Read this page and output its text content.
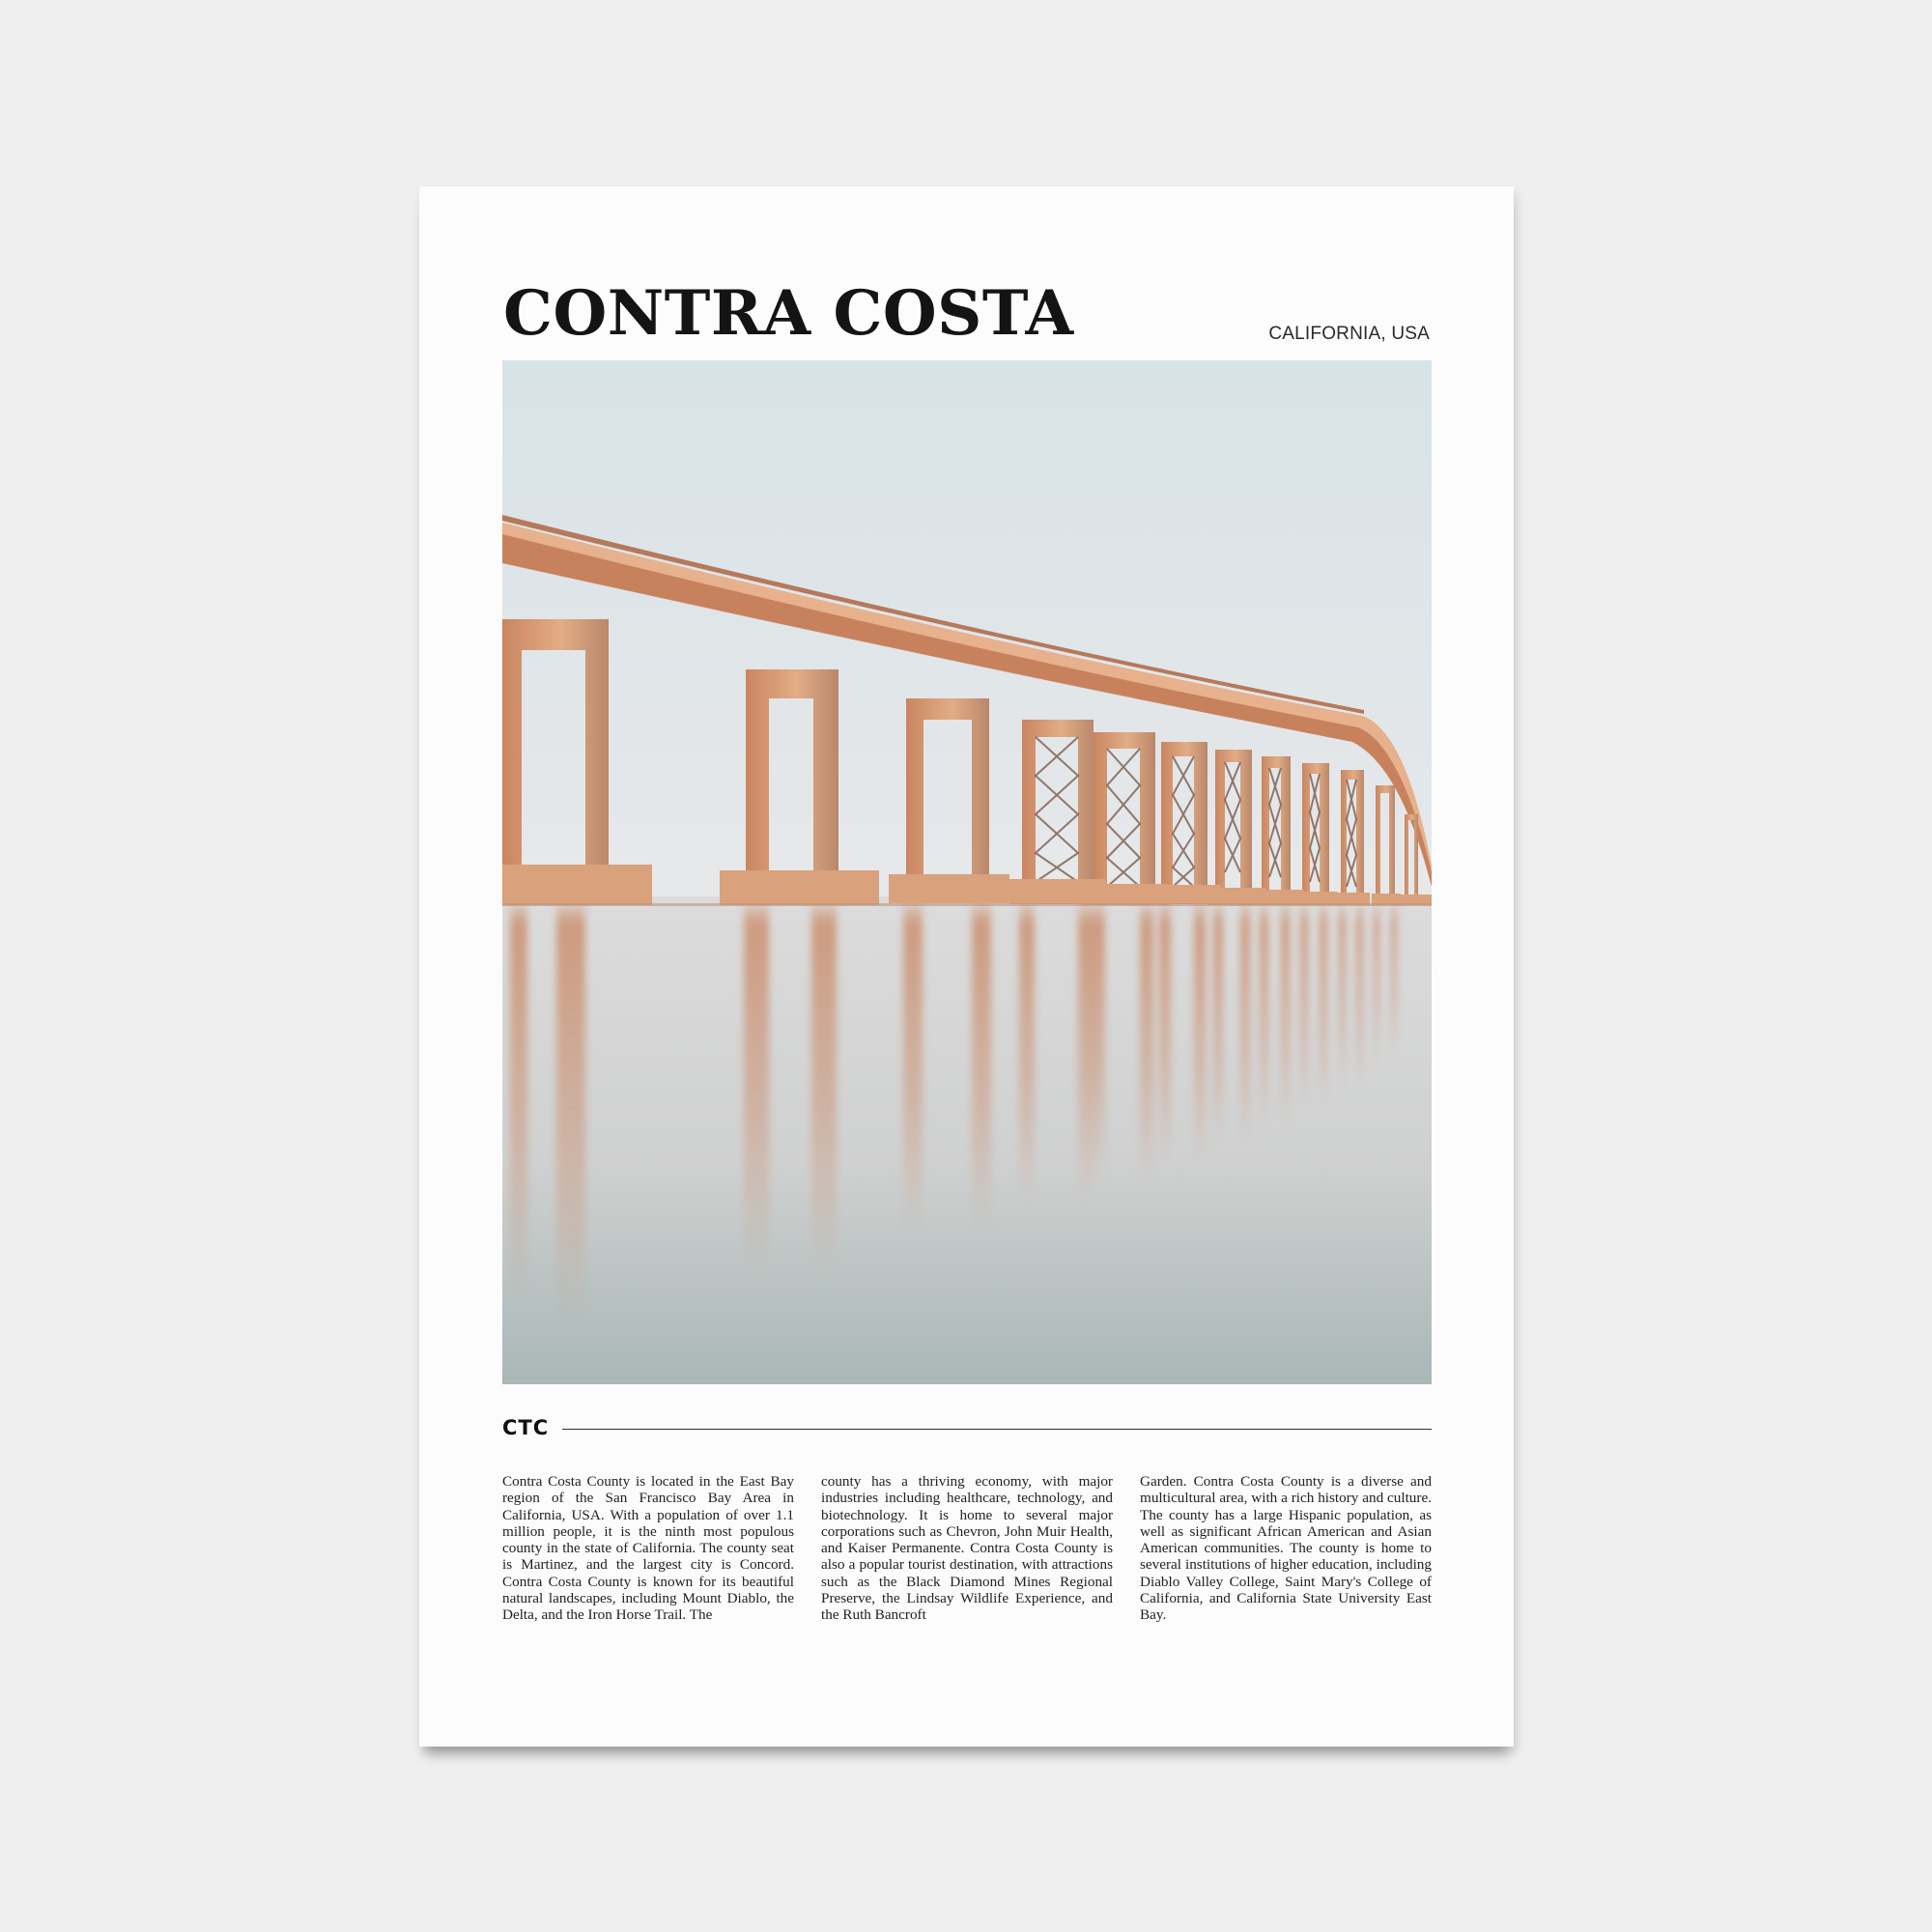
CONTRA COSTA	CALIFORNIA, USA
CTC

Contra Costa County is located in the East Bay region of the San Francisco Bay Area in California, USA. With a population of over 1.1 million people, it is the ninth most populous county in the state of California. The county seat is Martinez, and the largest city is Concord. Contra Costa County is known for its beautiful natural landscapes, including Mount Diablo, the Delta, and the Iron Horse Trail. The

county has a thriving economy, with major industries including healthcare, technology, and biotechnology. It is home to several major corporations such as Chevron, John Muir Health, and Kaiser Permanente. Contra Costa County is also a popular tourist destination, with attractions such as the Black Diamond Mines Regional Preserve, the Lindsay Wildlife Experience, and the Ruth Bancroft

Garden. Contra Costa County is a diverse and multicultural area, with a rich history and culture. The county has a large Hispanic population, as well as significant African American and Asian American communities. The county is home to several institutions of higher education, including Diablo Valley College, Saint Mary's College of California, and California State University East Bay.
